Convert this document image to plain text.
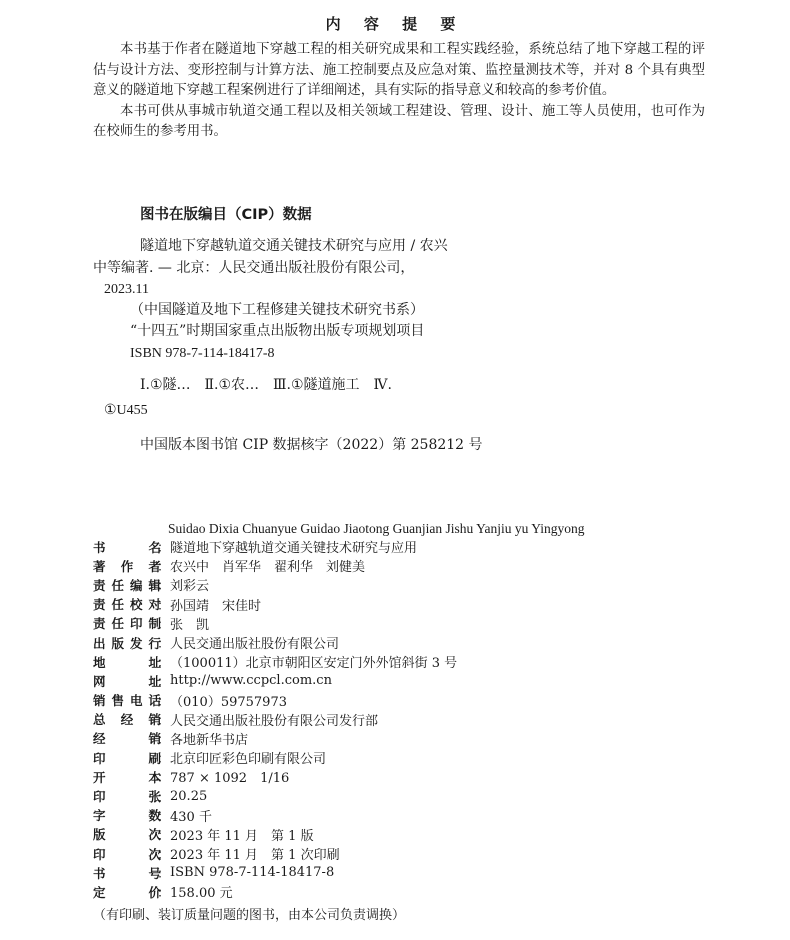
内 容 提 要

本书基于作者在隧道地下穿越工程的相关研究成果和工程实践经验，系统总结了地下穿越工程的评估与设计方法、变形控制与计算方法、施工控制要点及应急对策、监控量测技术等，并对 8 个具有典型意义的隧道地下穿越工程案例进行了详细阐述，具有实际的指导意义和较高的参考价值。

本书可供从事城市轨道交通工程以及相关领域工程建设、管理、设计、施工等人员使用，也可作为在校师生的参考用书。

图书在版编目（CIP）数据
隧道地下穿越轨道交通关键技术研究与应用 / 农兴
中等编著. — 北京：人民交通出版社股份有限公司，
2023.11
（中国隧道及地下工程修建关键技术研究书系）
“十四五”时期国家重点出版物出版专项规划项目
ISBN 978-7-114-18417-8
Ⅰ.①隧…　Ⅱ.①农…　Ⅲ.①隧道施工　Ⅳ.
①U455
中国版本图书馆 CIP 数据核字（2022）第 258212 号
Suidao Dixia Chuanyue Guidao Jiaotong Guanjian Jishu Yanjiu yu Yingyong
书	名
： 隧道地下穿越轨道交通关键技术研究与应用
著 作 者
： 农兴中　肖军华　翟利华　刘健美
责 任 编 辑
： 刘彩云
责 任 校 对
： 孙国靖　宋佳时
责 任 印 制
： 张　凯
出 版 发 行
： 人民交通出版社股份有限公司
地	址
： （100011）北京市朝阳区安定门外外馆斜街 3 号
网	址
： http://www.ccpcl.com.cn
销 售 电 话
： （010）59757973
总 经 销
： 人民交通出版社股份有限公司发行部
经	销
： 各地新华书店
印	刷
： 北京印匠彩色印刷有限公司
开	本
： 787 × 1092　1/16
印	张
： 20.25
字	数
： 430 千
版	次
： 2023 年 11 月　第 1 版
印	次
： 2023 年 11 月　第 1 次印刷
书	号
： ISBN 978-7-114-18417-8
定	价
： 158.00 元
（有印刷、装订质量问题的图书，由本公司负责调换）
